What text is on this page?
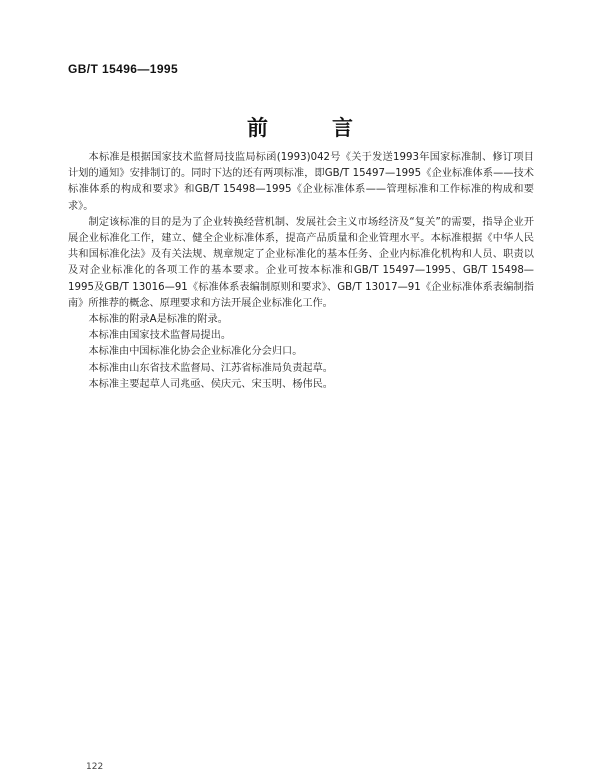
GB/T 15496—1995
前言

本标准是根据国家技术监督局技监局标函(1993)042号《关于发送1993年国家标准制、修订项目计划的通知》安排制订的。同时下达的还有两项标准，即GB/T 15497—1995《企业标准体系——技术标准体系的构成和要求》和GB/T 15498—1995《企业标准体系——管理标准和工作标准的构成和要求》。

制定该标准的目的是为了企业转换经营机制、发展社会主义市场经济及“复关”的需要，指导企业开展企业标准化工作，建立、健全企业标准体系，提高产品质量和企业管理水平。本标准根据《中华人民共和国标准化法》及有关法规、规章规定了企业标准化的基本任务、企业内标准化机构和人员、职责以及对企业标准化的各项工作的基本要求。企业可按本标准和GB/T 15497—1995、GB/T 15498—1995及GB/T 13016—91《标准体系表编制原则和要求》、GB/T 13017—91《企业标准体系表编制指南》所推荐的概念、原理要求和方法开展企业标准化工作。

本标准的附录A是标准的附录。

本标准由国家技术监督局提出。

本标准由中国标准化协会企业标准化分会归口。

本标准由山东省技术监督局、江苏省标准局负责起草。

本标准主要起草人司兆亟、侯庆元、宋玉明、杨伟民。

122
